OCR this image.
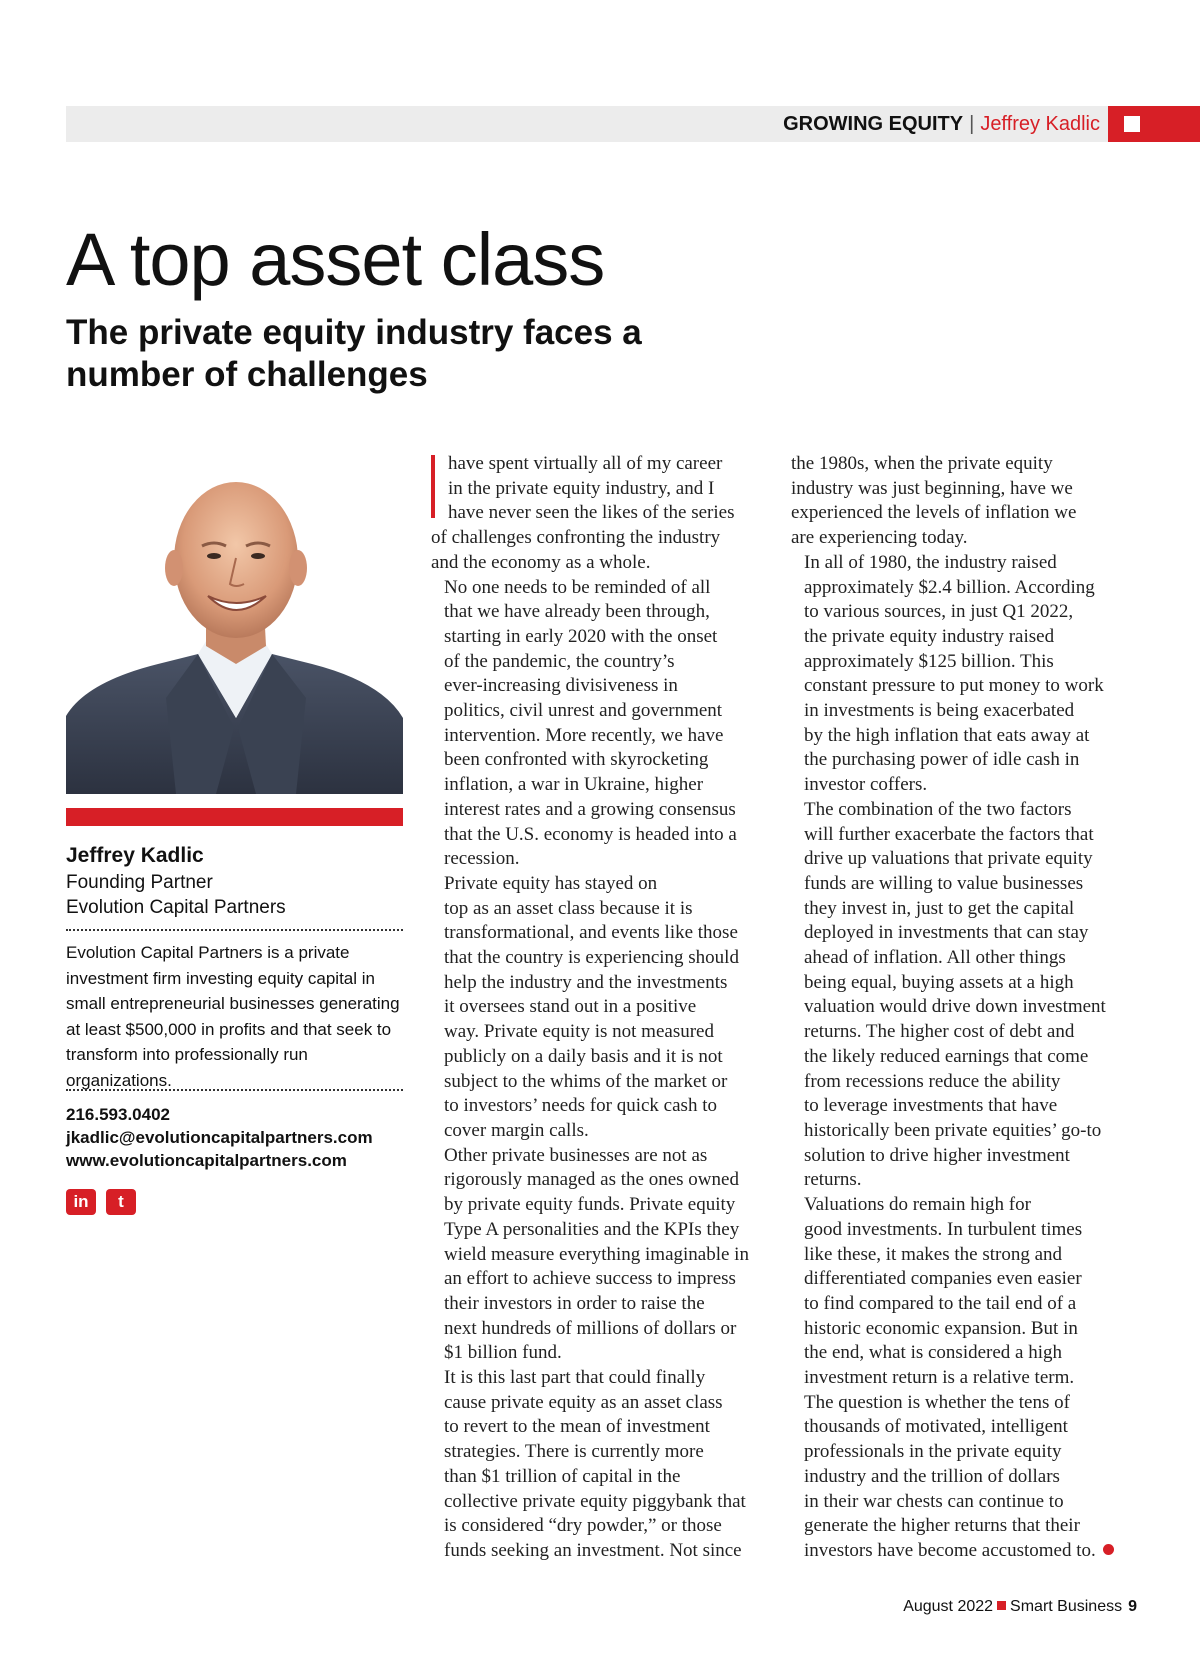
GROWING EQUITY | Jeffrey Kadlic
A top asset class
The private equity industry faces a number of challenges
Jeffrey Kadlic
Founding Partner
Evolution Capital Partners
Evolution Capital Partners is a private investment firm investing equity capital in small entrepreneurial businesses generating at least $500,000 in profits and that seek to transform into professionally run organizations.
216.593.0402
jkadlic@evolutioncapitalpartners.com
www.evolutioncapitalpartners.com
in	t

have spent virtually all of my career
in the private equity industry, and I
have never seen the likes of the series

of challenges confronting the industry
and the economy as a whole.

No one needs to be reminded of all
that we have already been through,
starting in early 2020 with the onset
of the pandemic, the country’s
ever-increasing divisiveness in
politics, civil unrest and government
intervention. More recently, we have
been confronted with skyrocketing
inflation, a war in Ukraine, higher
interest rates and a growing consensus
that the U.S. economy is headed into a
recession.

Private equity has stayed on
top as an asset class because it is
transformational, and events like those
that the country is experiencing should
help the industry and the investments
it oversees stand out in a positive
way. Private equity is not measured
publicly on a daily basis and it is not
subject to the whims of the market or
to investors’ needs for quick cash to
cover margin calls.

Other private businesses are not as
rigorously managed as the ones owned
by private equity funds. Private equity
Type A personalities and the KPIs they
wield measure everything imaginable in
an effort to achieve success to impress
their investors in order to raise the
next hundreds of millions of dollars or
$1 billion fund.

It is this last part that could finally
cause private equity as an asset class
to revert to the mean of investment
strategies. There is currently more
than $1 trillion of capital in the
collective private equity piggybank that
is considered “dry powder,” or those
funds seeking an investment. Not since

the 1980s, when the private equity
industry was just beginning, have we
experienced the levels of inflation we
are experiencing today.

In all of 1980, the industry raised
approximately $2.4 billion. According
to various sources, in just Q1 2022,
the private equity industry raised
approximately $125 billion. This
constant pressure to put money to work
in investments is being exacerbated
by the high inflation that eats away at
the purchasing power of idle cash in
investor coffers.

The combination of the two factors
will further exacerbate the factors that
drive up valuations that private equity
funds are willing to value businesses
they invest in, just to get the capital
deployed in investments that can stay
ahead of inflation. All other things
being equal, buying assets at a high
valuation would drive down investment
returns. The higher cost of debt and
the likely reduced earnings that come
from recessions reduce the ability
to leverage investments that have
historically been private equities’ go-to
solution to drive higher investment
returns.

Valuations do remain high for
good investments. In turbulent times
like these, it makes the strong and
differentiated companies even easier
to find compared to the tail end of a
historic economic expansion. But in
the end, what is considered a high
investment return is a relative term.

The question is whether the tens of
thousands of motivated, intelligent
professionals in the private equity
industry and the trillion of dollars
in their war chests can continue to
generate the higher returns that their
investors have become accustomed to.

August 2022 Smart Business 9
